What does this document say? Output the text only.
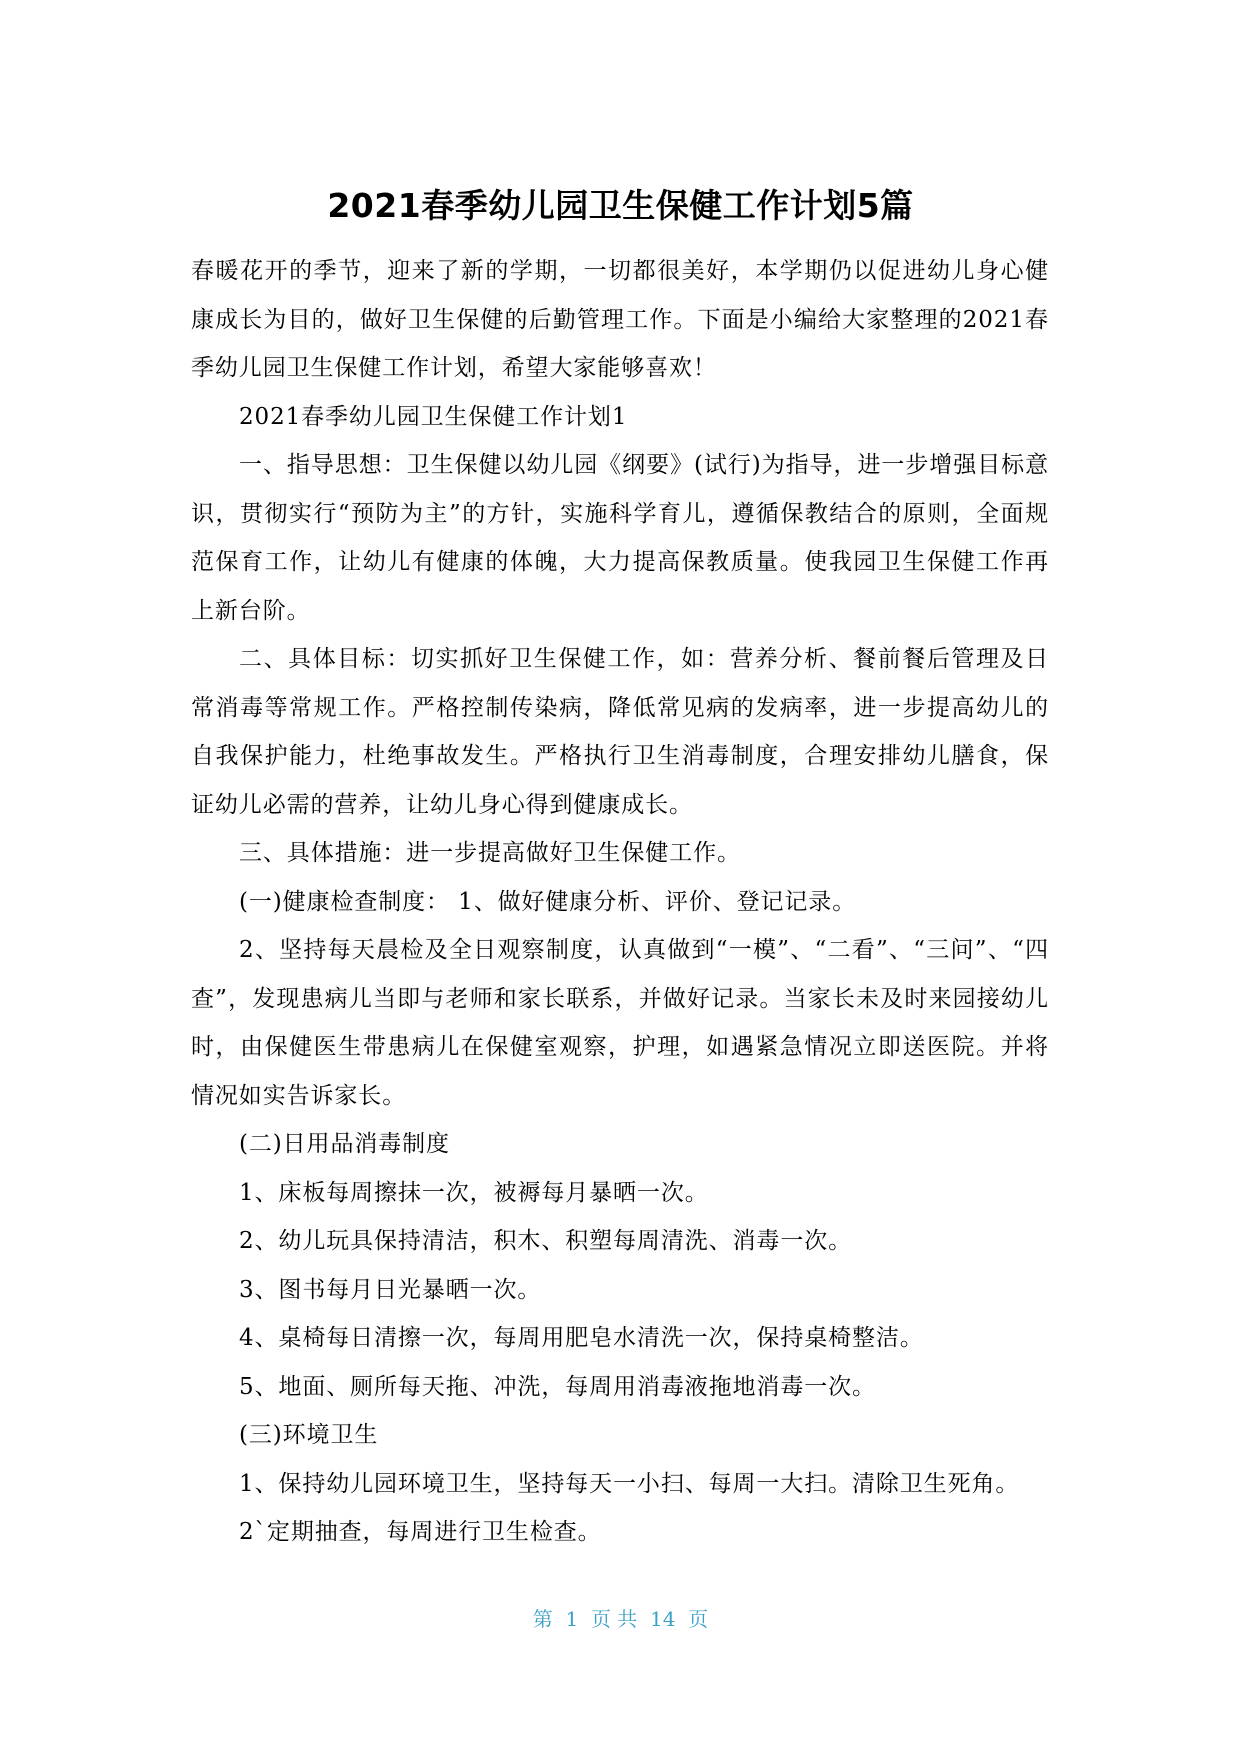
2021春季幼儿园卫生保健工作计划5篇

春暖花开的季节，迎来了新的学期，一切都很美好，本学期仍以促进幼儿身心健康成长为目的，做好卫生保健的后勤管理工作。下面是小编给大家整理的2021春季幼儿园卫生保健工作计划，希望大家能够喜欢！

2021春季幼儿园卫生保健工作计划1

一、指导思想：卫生保健以幼儿园《纲要》(试行)为指导，进一步增强目标意识，贯彻实行“预防为主”的方针，实施科学育儿，遵循保教结合的原则，全面规范保育工作，让幼儿有健康的体魄，大力提高保教质量。使我园卫生保健工作再上新台阶。

二、具体目标：切实抓好卫生保健工作，如：营养分析、餐前餐后管理及日常消毒等常规工作。严格控制传染病，降低常见病的发病率，进一步提高幼儿的自我保护能力，杜绝事故发生。严格执行卫生消毒制度，合理安排幼儿膳食，保证幼儿必需的营养，让幼儿身心得到健康成长。

三、具体措施：进一步提高做好卫生保健工作。

(一)健康检查制度： 1、做好健康分析、评价、登记记录。

2、坚持每天晨检及全日观察制度，认真做到“一模”、“二看”、“三问”、“四查”，发现患病儿当即与老师和家长联系，并做好记录。当家长未及时来园接幼儿时，由保健医生带患病儿在保健室观察，护理，如遇紧急情况立即送医院。并将情况如实告诉家长。

(二)日用品消毒制度

1、床板每周擦抹一次，被褥每月暴晒一次。

2、幼儿玩具保持清洁，积木、积塑每周清洗、消毒一次。

3、图书每月日光暴晒一次。

4、桌椅每日清擦一次，每周用肥皂水清洗一次，保持桌椅整洁。

5、地面、厕所每天拖、冲洗，每周用消毒液拖地消毒一次。

(三)环境卫生

1、保持幼儿园环境卫生，坚持每天一小扫、每周一大扫。清除卫生死角。

2`定期抽查，每周进行卫生检查。

第  1  页 共  14  页
